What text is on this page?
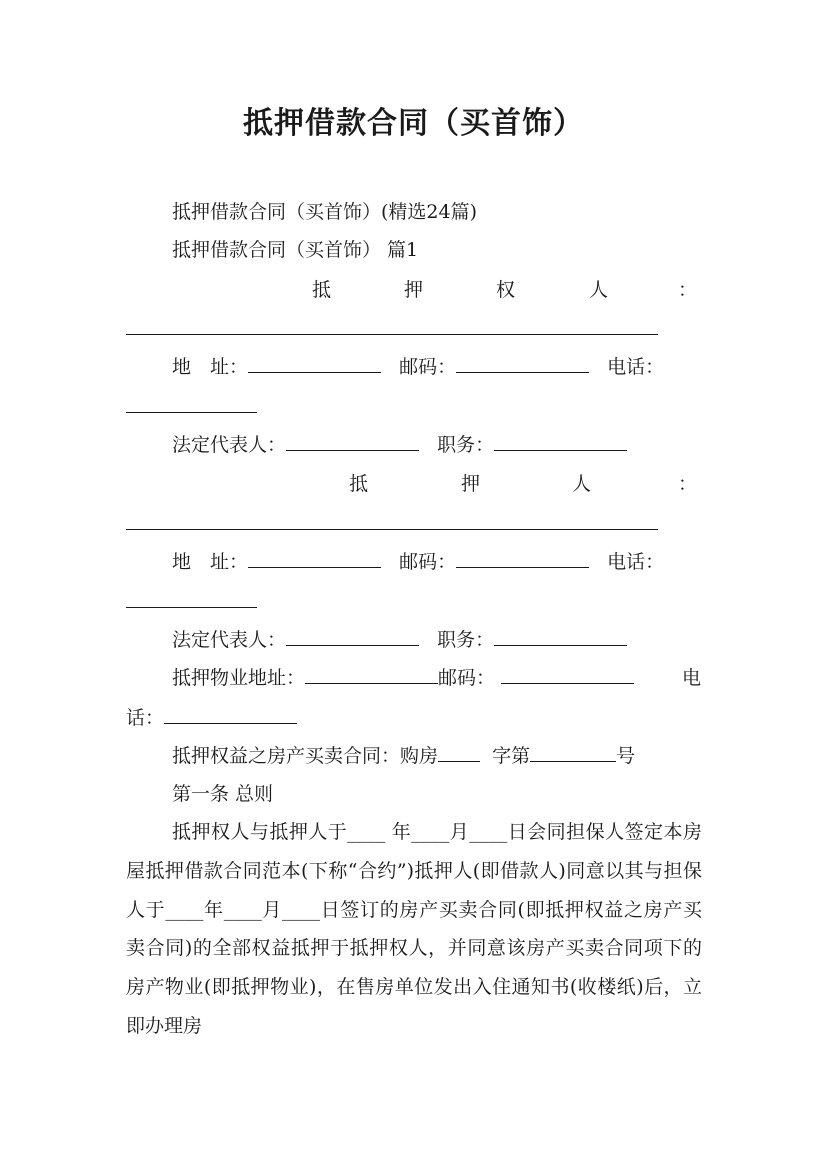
抵押借款合同（买首饰）
抵押借款合同（买首饰）(精选24篇)
抵押借款合同（买首饰） 篇1
抵	押	权	人	：
地　址：	邮码：	电话：
法定代表人：	职务：
抵	押	人	：
地　址：	邮码：	电话：
法定代表人：	职务：
抵押物业地址：	邮码：	电
话：
抵押权益之房产买卖合同：购房	字第	号
第一条 总则
抵押权人与抵押人于____ 年____月____日会同担保人签定本房屋抵押借款合同范本(下称“合约”)抵押人(即借款人)同意以其与担保人于____年____月____日签订的房产买卖合同(即抵押权益之房产买卖合同)的全部权益抵押于抵押权人，并同意该房产买卖合同项下的房产物业(即抵押物业)，在售房单位发出入住通知书(收楼纸)后，立即办理房
